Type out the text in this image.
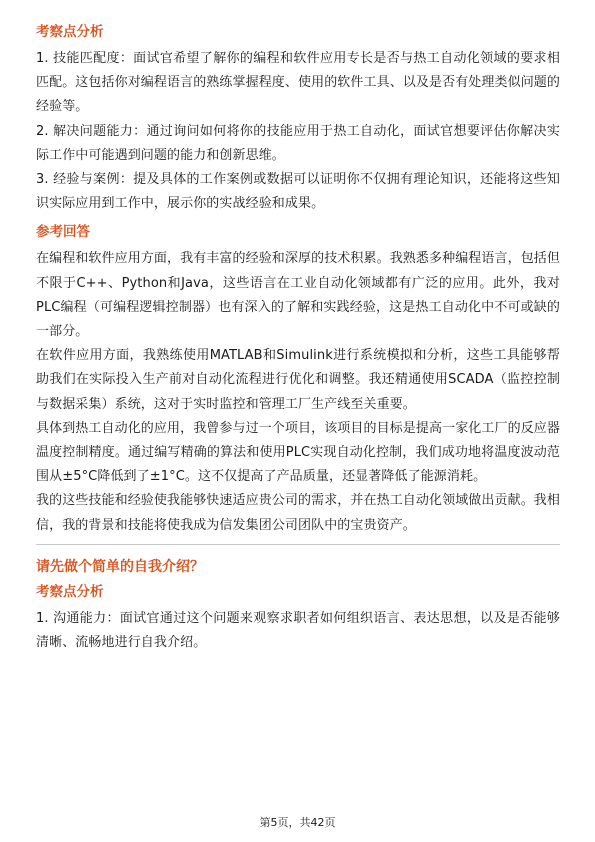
考察点分析

1. 技能匹配度：面试官希望了解你的编程和软件应用专长是否与热工自动化领域的要求相匹配。这包括你对编程语言的熟练掌握程度、使用的软件工具、以及是否有处理类似问题的经验等。

2. 解决问题能力：通过询问如何将你的技能应用于热工自动化，面试官想要评估你解决实际工作中可能遇到问题的能力和创新思维。

3. 经验与案例：提及具体的工作案例或数据可以证明你不仅拥有理论知识，还能将这些知识实际应用到工作中，展示你的实战经验和成果。

参考回答

在编程和软件应用方面，我有丰富的经验和深厚的技术积累。我熟悉多种编程语言，包括但不限于C++、Python和Java，这些语言在工业自动化领域都有广泛的应用。此外，我对PLC编程（可编程逻辑控制器）也有深入的了解和实践经验，这是热工自动化中不可或缺的一部分。

在软件应用方面，我熟练使用MATLAB和Simulink进行系统模拟和分析，这些工具能够帮助我们在实际投入生产前对自动化流程进行优化和调整。我还精通使用SCADA（监控控制与数据采集）系统，这对于实时监控和管理工厂生产线至关重要。

具体到热工自动化的应用，我曾参与过一个项目，该项目的目标是提高一家化工厂的反应器温度控制精度。通过编写精确的算法和使用PLC实现自动化控制，我们成功地将温度波动范围从±5°C降低到了±1°C。这不仅提高了产品质量，还显著降低了能源消耗。

我的这些技能和经验使我能够快速适应贵公司的需求，并在热工自动化领域做出贡献。我相信，我的背景和技能将使我成为信发集团公司团队中的宝贵资产。

请先做个简单的自我介绍？
考察点分析

1. 沟通能力：面试官通过这个问题来观察求职者如何组织语言、表达思想，以及是否能够清晰、流畅地进行自我介绍。

第5页，共42页
